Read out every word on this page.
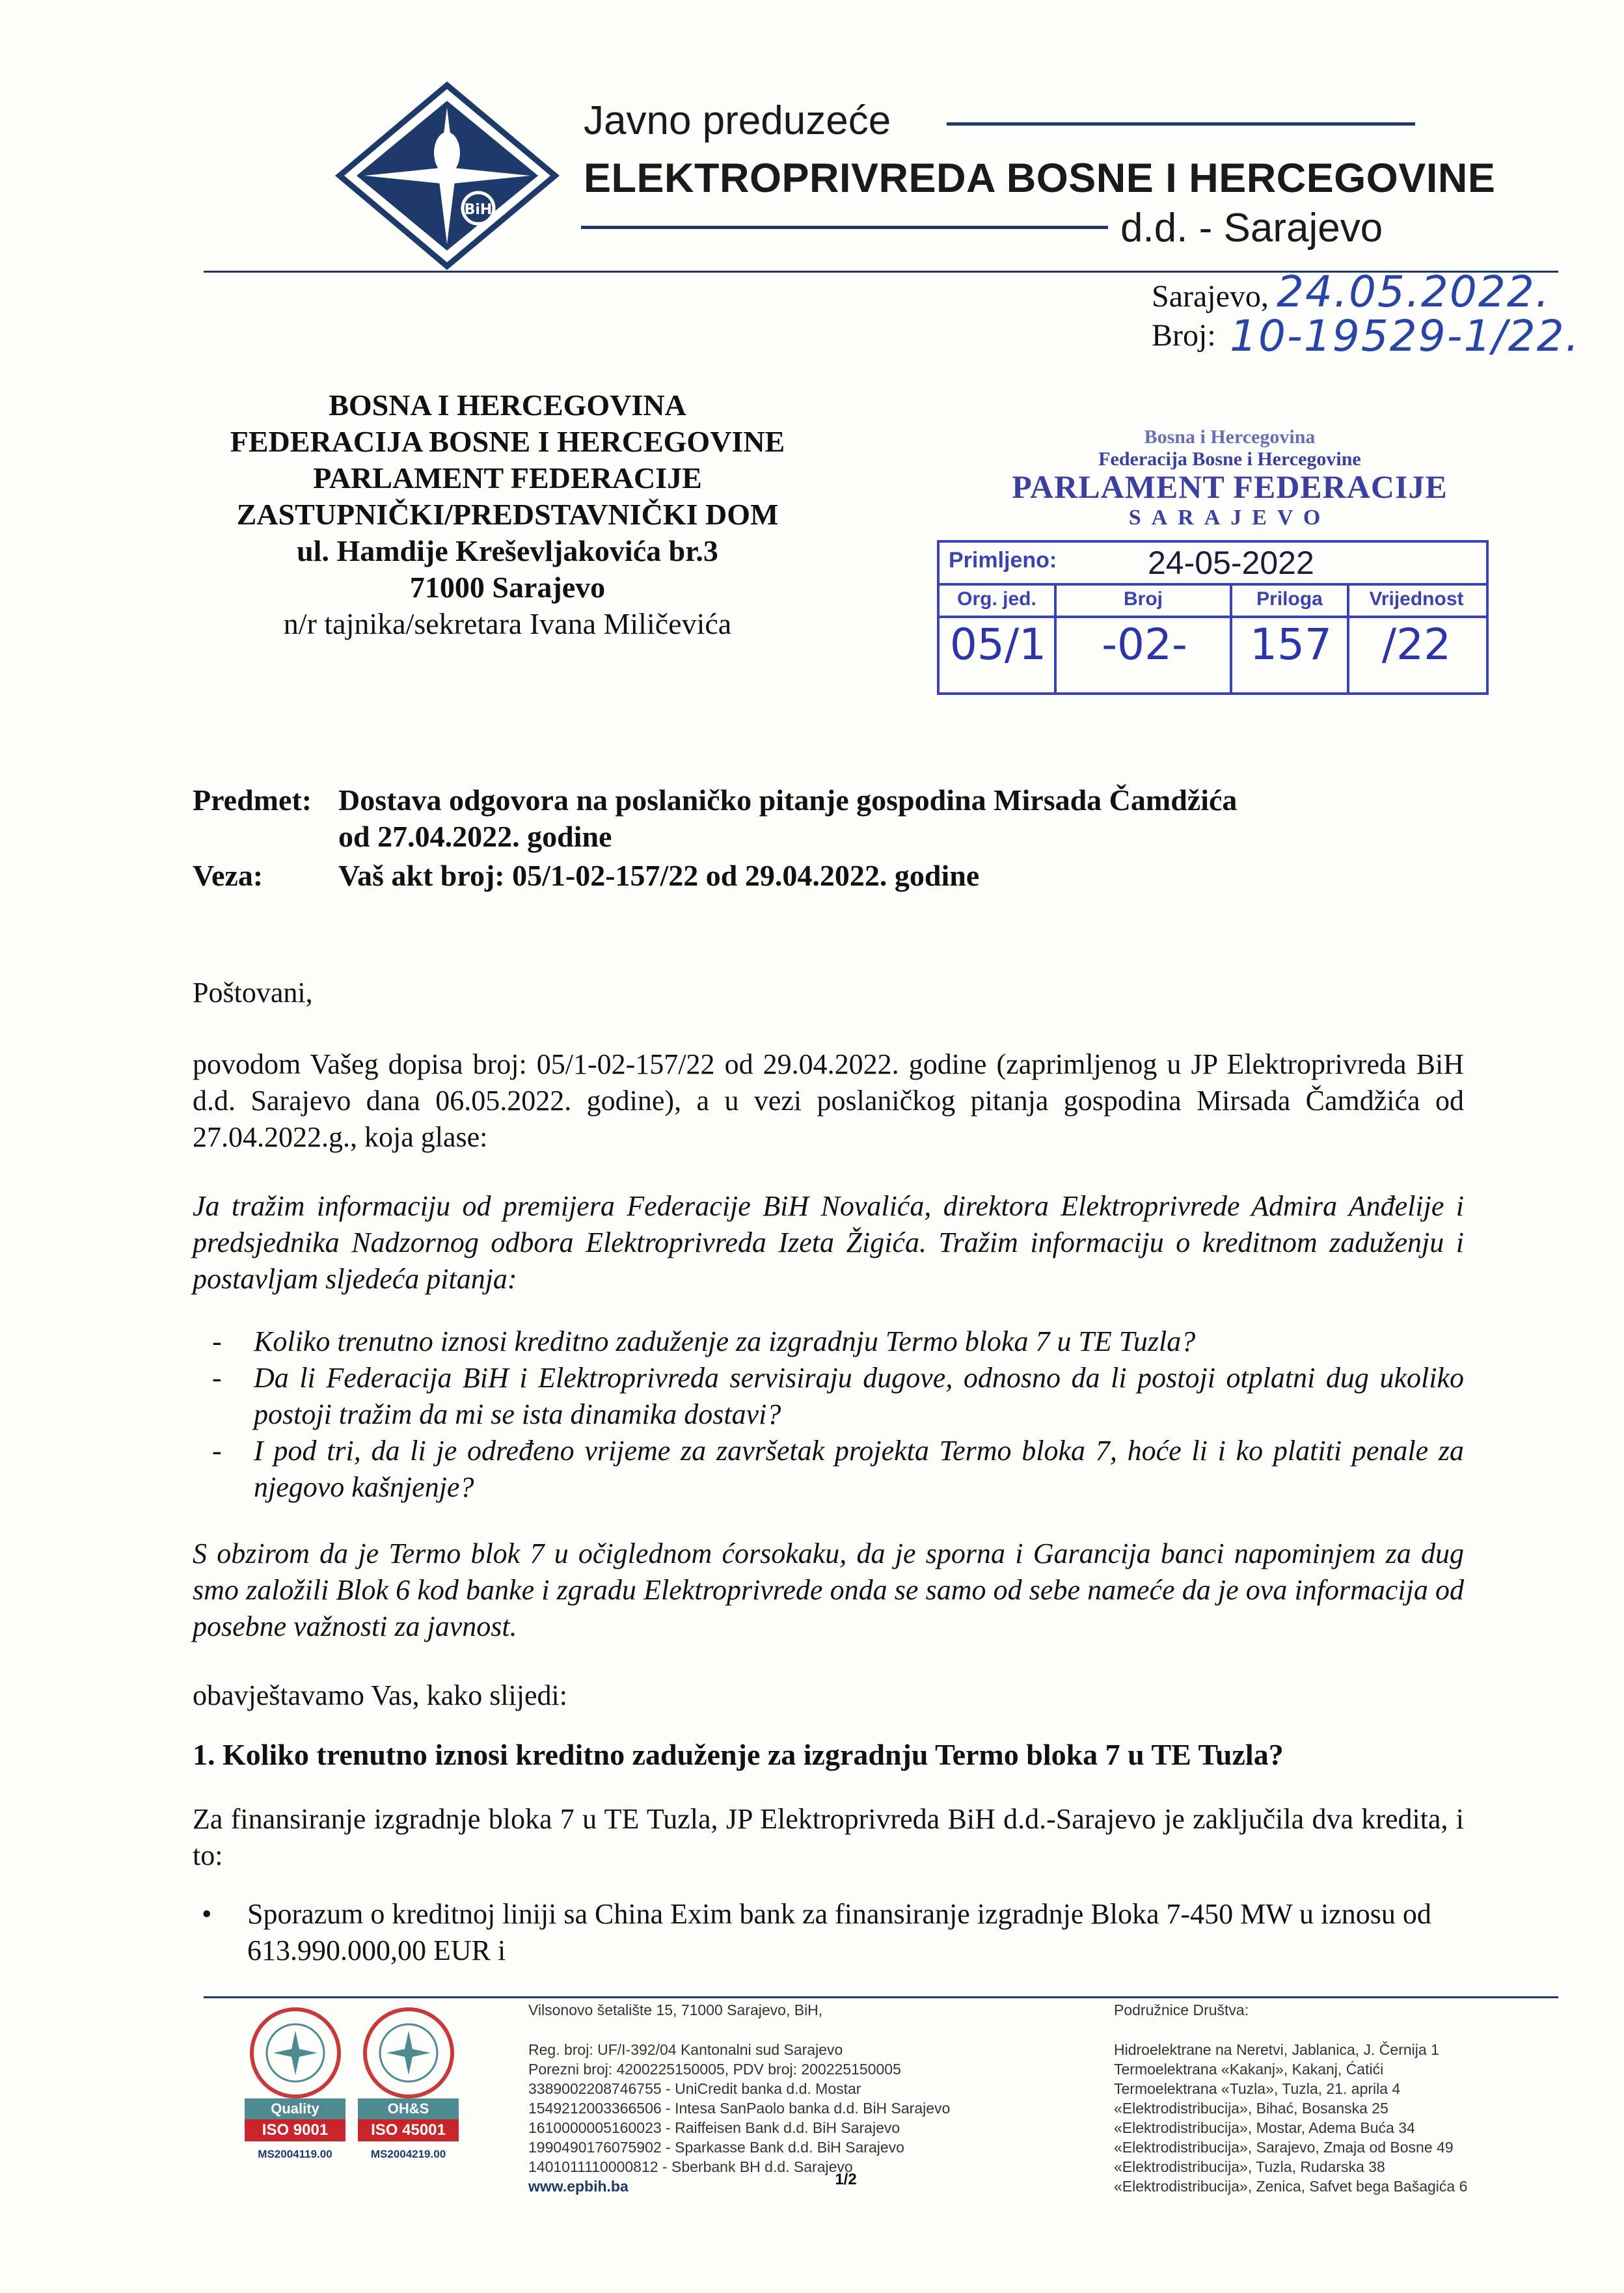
BiH
Javno preduzeće
ELEKTROPRIVREDA BOSNE I HERCEGOVINE
d.d. - Sarajevo
Sarajevo, 24.05.2022.
Broj: 10-19529-1/22.
BOSNA I HERCEGOVINA
FEDERACIJA BOSNE I HERCEGOVINE
PARLAMENT FEDERACIJE
ZASTUPNIČKI/PREDSTAVNIČKI DOM
ul. Hamdije Kreševljakovića br.3
71000 Sarajevo
n/r tajnika/sekretara Ivana Miličevića
Bosna i Hercegovina
Federacija Bosne i Hercegovine
PARLAMENT FEDERACIJE
SARAJEVO
Primljeno:	24-05-2022
Org. jed.	Broj	Priloga	Vrijednost
05/1	-02-	157	/22
Predmet: Dostava odgovora na poslaničko pitanje gospodina Mirsada Čamdžića
od 27.04.2022. godine
Veza:	Vaš akt broj: 05/1-02-157/22 od 29.04.2022. godine
Poštovani,
povodom Vašeg dopisa broj: 05/1-02-157/22 od 29.04.2022. godine (zaprimljenog u JP Elektroprivreda BiH d.d. Sarajevo dana 06.05.2022. godine), a u vezi poslaničkog pitanja gospodina Mirsada Čamdžića od 27.04.2022.g., koja glase:
Ja tražim informaciju od premijera Federacije BiH Novalića, direktora Elektroprivrede Admira Anđelije i predsjednika Nadzornog odbora Elektroprivreda Izeta Žigića. Tražim informaciju o kreditnom zaduženju i postavljam sljedeća pitanja:
- Koliko trenutno iznosi kreditno zaduženje za izgradnju Termo bloka 7 u TE Tuzla?
- Da li Federacija BiH i Elektroprivreda servisiraju dugove, odnosno da li postoji otplatni dug ukoliko postoji tražim da mi se ista dinamika dostavi?
- I pod tri, da li je određeno vrijeme za završetak projekta Termo bloka 7, hoće li i ko platiti penale za njegovo kašnjenje?
S obzirom da je Termo blok 7 u očiglednom ćorsokaku, da je sporna i Garancija banci napominjem za dug smo založili Blok 6 kod banke i zgradu Elektroprivrede onda se samo od sebe nameće da je ova informacija od posebne važnosti za javnost.
obavještavamo Vas, kako slijedi:
1. Koliko trenutno iznosi kreditno zaduženje za izgradnju Termo bloka 7 u TE Tuzla?
Za finansiranje izgradnje bloka 7 u TE Tuzla, JP Elektroprivreda BiH d.d.-Sarajevo je zaključila dva kredita, i to:
• Sporazum o kreditnoj liniji sa China Exim bank za finansiranje izgradnje Bloka 7-450 MW u iznosu od 613.990.000,00 EUR i
Quality
ISO 9001
MS2004119.00
OH&S
ISO 45001
MS2004219.00
Vilsonovo šetalište 15, 71000 Sarajevo, BiH,
Reg. broj: UF/I-392/04 Kantonalni sud Sarajevo
Porezni broj: 4200225150005, PDV broj: 200225150005
3389002208746755 - UniCredit banka d.d. Mostar
1549212003366506 - Intesa SanPaolo banka d.d. BiH Sarajevo
1610000005160023 - Raiffeisen Bank d.d. BiH Sarajevo
1990490176075902 - Sparkasse Bank d.d. BiH Sarajevo
1401011110000812 - Sberbank BH d.d. Sarajevo
www.epbih.ba
Podružnice Društva:
Hidroelektrane na Neretvi, Jablanica, J. Černija 1
Termoelektrana «Kakanj», Kakanj, Ćatići
Termoelektrana «Tuzla», Tuzla, 21. aprila 4
«Elektrodistribucija», Bihać, Bosanska 25
«Elektrodistribucija», Mostar, Adema Buća 34
«Elektrodistribucija», Sarajevo, Zmaja od Bosne 49
«Elektrodistribucija», Tuzla, Rudarska 38
«Elektrodistribucija», Zenica, Safvet bega Bašagića 6
1/2
